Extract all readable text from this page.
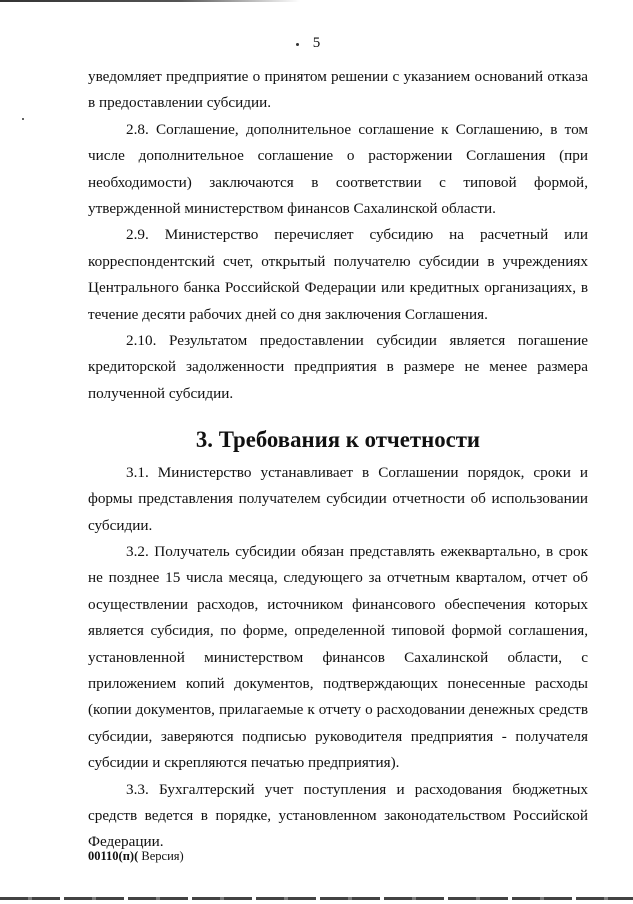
5

уведомляет предприятие о принятом решении с указанием оснований отказа в предоставлении субсидии.

2.8. Соглашение, дополнительное соглашение к Соглашению, в том числе дополнительное соглашение о расторжении Соглашения (при необходимости) заключаются в соответствии с типовой формой, утвержденной министерством финансов Сахалинской области.

2.9. Министерство перечисляет субсидию на расчетный или корреспондентский счет, открытый получателю субсидии в учреждениях Центрального банка Российской Федерации или кредитных организациях, в течение десяти рабочих дней со дня заключения Соглашения.

2.10. Результатом предоставлении субсидии является погашение кредиторской задолженности предприятия в размере не менее размера полученной субсидии.

3. Требования к отчетности

3.1. Министерство устанавливает в Соглашении порядок, сроки и формы представления получателем субсидии отчетности об использовании субсидии.

3.2. Получатель субсидии обязан представлять ежеквартально, в срок не позднее 15 числа месяца, следующего за отчетным кварталом, отчет об осуществлении расходов, источником финансового обеспечения которых является субсидия, по форме, определенной типовой формой соглашения, установленной министерством финансов Сахалинской области, с приложением копий документов, подтверждающих понесенные расходы (копии документов, прилагаемые к отчету о расходовании денежных средств субсидии, заверяются подписью руководителя предприятия - получателя субсидии и скрепляются печатью предприятия).

3.3. Бухгалтерский учет поступления и расходования бюджетных средств ведется в порядке, установленном законодательством Российской Федерации.

00110(п)( Версия)
